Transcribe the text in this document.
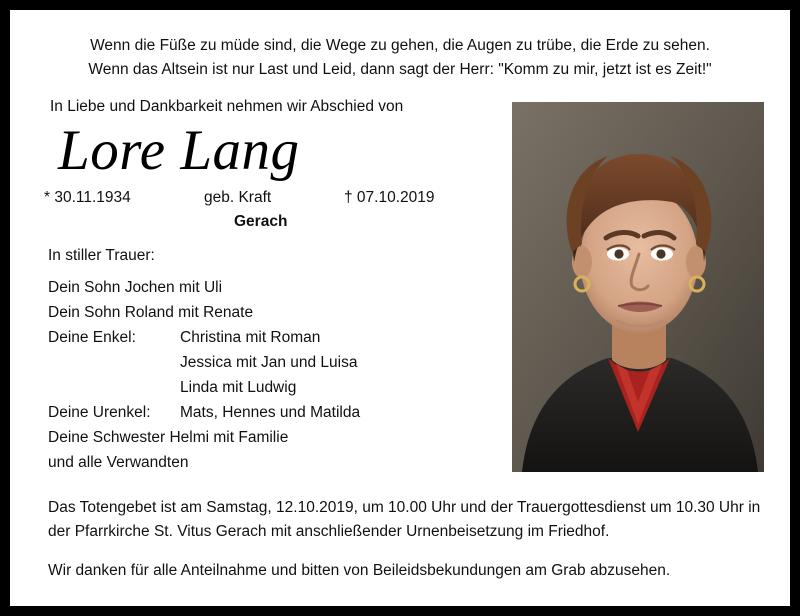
Wenn die Füße zu müde sind, die Wege zu gehen, die Augen zu trübe, die Erde zu sehen.
Wenn das Altsein ist nur Last und Leid, dann sagt der Herr: "Komm zu mir, jetzt ist es Zeit!"
In Liebe und Dankbarkeit nehmen wir Abschied von
Lore Lang
* 30.11.1934	geb. Kraft	† 07.10.2019
Gerach
In stiller Trauer:
Dein Sohn Jochen mit Uli
Dein Sohn Roland mit Renate
Deine Enkel:	Christina mit Roman
Jessica mit Jan und Luisa
Linda mit Ludwig
Deine Urenkel:	Mats, Hennes und Matilda
Deine Schwester Helmi mit Familie
und alle Verwandten

Das Totengebet ist am Samstag, 12.10.2019, um 10.00 Uhr und der Trauergottesdienst um 10.30 Uhr in der Pfarrkirche St. Vitus Gerach mit anschließender Urnenbeisetzung im Friedhof.

Wir danken für alle Anteilnahme und bitten von Beileidsbekundungen am Grab abzusehen.
